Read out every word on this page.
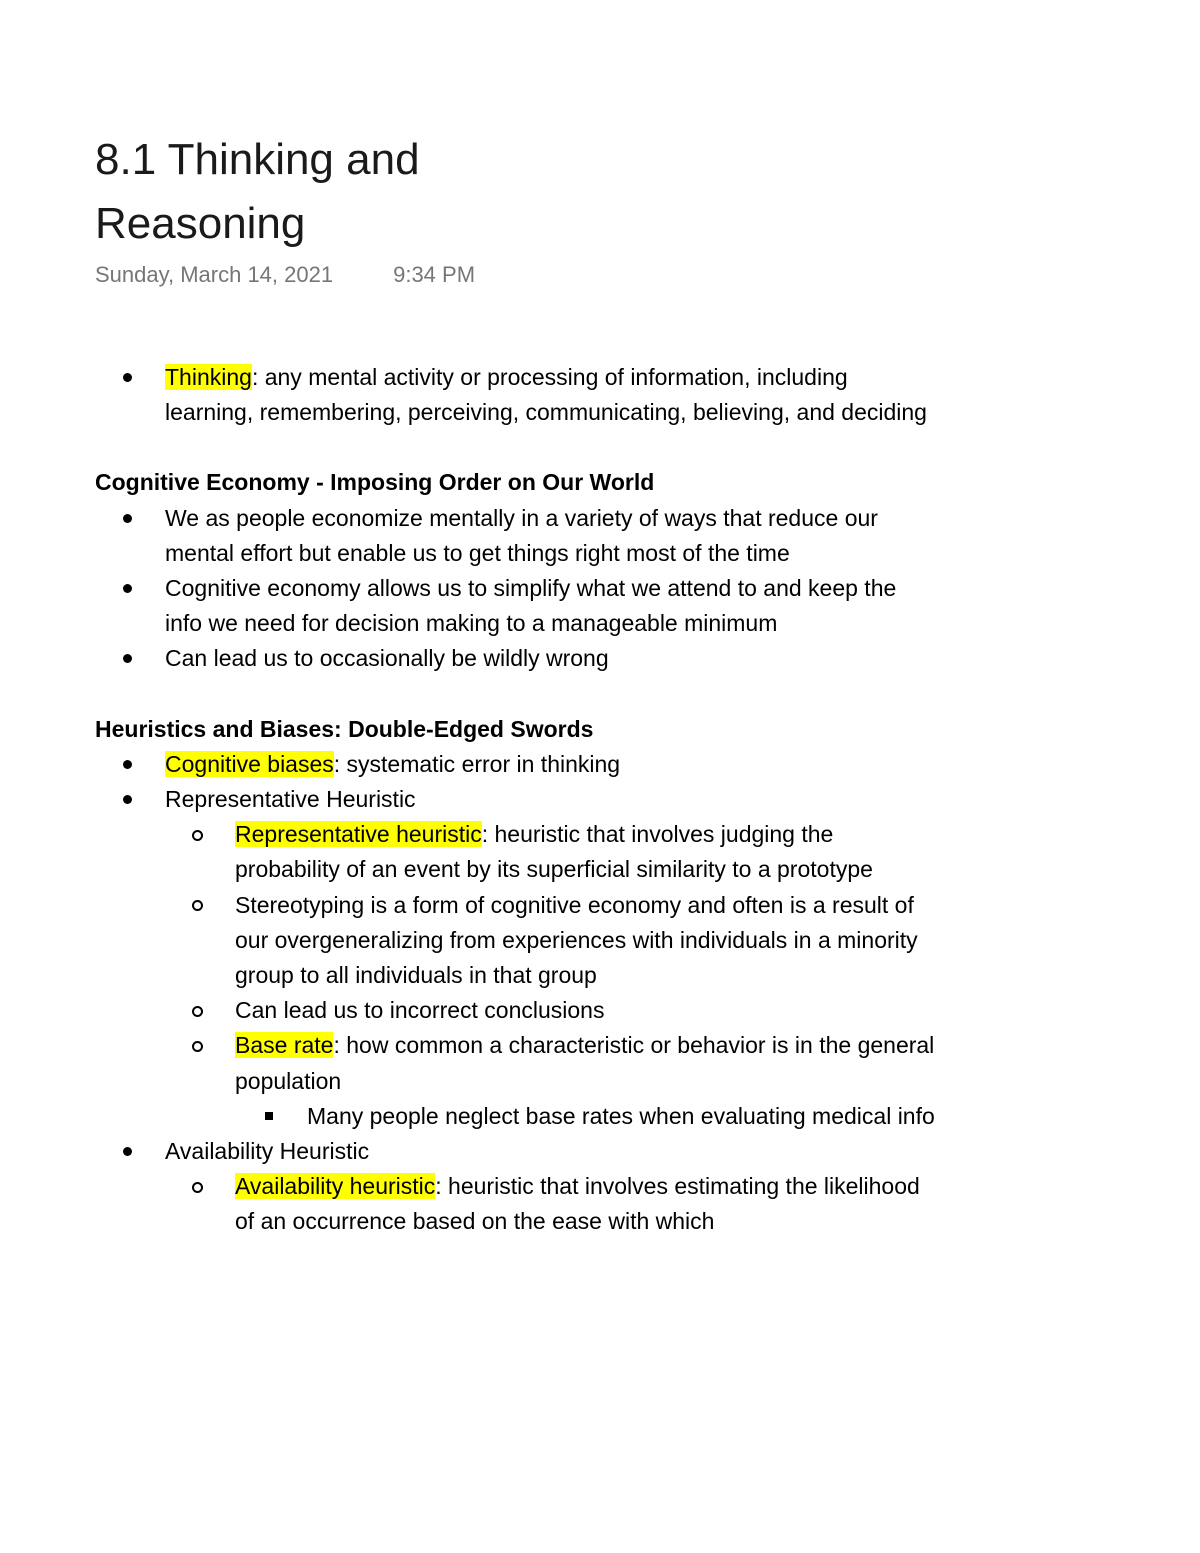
8.1 Thinking and
Reasoning
Sunday, March 14, 2021	9:34 PM
Thinking: any mental activity or processing of information, including learning, remembering, perceiving, communicating, believing, and deciding
Cognitive Economy - Imposing Order on Our World
We as people economize mentally in a variety of ways that reduce our mental effort but enable us to get things right most of the time
Cognitive economy allows us to simplify what we attend to and keep the info we need for decision making to a manageable minimum
Can lead us to occasionally be wildly wrong
Heuristics and Biases: Double-Edged Swords
Cognitive biases: systematic error in thinking
Representative Heuristic
Representative heuristic: heuristic that involves judging the probability of an event by its superficial similarity to a prototype
Stereotyping is a form of cognitive economy and often is a result of our overgeneralizing from experiences with individuals in a minority group to all individuals in that group
Can lead us to incorrect conclusions
Base rate: how common a characteristic or behavior is in the general population
Many people neglect base rates when evaluating medical info
Availability Heuristic
Availability heuristic: heuristic that involves estimating the likelihood of an occurrence based on the ease with which
